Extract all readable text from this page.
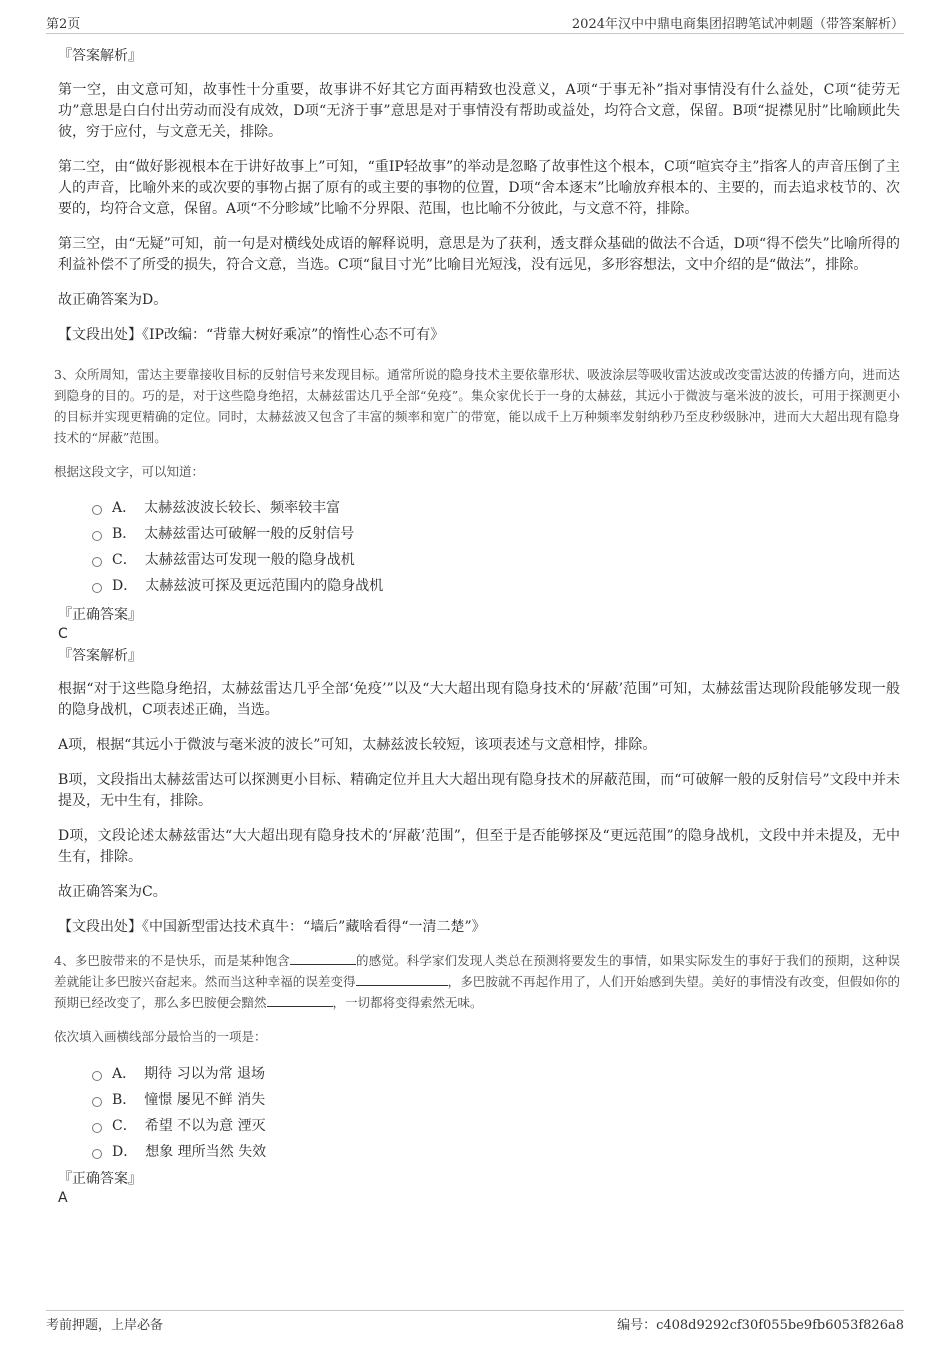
第2页	2024年汉中中鼎电商集团招聘笔试冲刺题（带答案解析）

『答案解析』

第一空，由文意可知，故事性十分重要，故事讲不好其它方面再精致也没意义，A项“于事无补”指对事情没有什么益处，C项“徒劳无功”意思是白白付出劳动而没有成效，D项“无济于事”意思是对于事情没有帮助或益处，均符合文意，保留。B项“捉襟见肘”比喻顾此失彼，穷于应付，与文意无关，排除。

第二空，由“做好影视根本在于讲好故事上”可知，“重IP轻故事”的举动是忽略了故事性这个根本，C项“喧宾夺主”指客人的声音压倒了主人的声音，比喻外来的或次要的事物占据了原有的或主要的事物的位置，D项“舍本逐末”比喻放弃根本的、主要的，而去追求枝节的、次要的，均符合文意，保留。A项“不分畛域”比喻不分界限、范围，也比喻不分彼此，与文意不符，排除。

第三空，由“无疑”可知，前一句是对横线处成语的解释说明，意思是为了获利，透支群众基础的做法不合适，D项“得不偿失”比喻所得的利益补偿不了所受的损失，符合文意，当选。C项“鼠目寸光”比喻目光短浅，没有远见，多形容想法，文中介绍的是“做法”，排除。

故正确答案为D。

【文段出处】《IP改编：“背靠大树好乘凉”的惰性心态不可有》

3、众所周知，雷达主要靠接收目标的反射信号来发现目标。通常所说的隐身技术主要依靠形状、吸波涂层等吸收雷达波或改变雷达波的传播方向，进而达到隐身的目的。巧的是，对于这些隐身绝招，太赫兹雷达几乎全部“免疫”。集众家优长于一身的太赫兹，其远小于微波与毫米波的波长，可用于探测更小的目标并实现更精确的定位。同时，太赫兹波又包含了丰富的频率和宽广的带宽，能以成千上万种频率发射纳秒乃至皮秒级脉冲，进而大大超出现有隐身技术的“屏蔽”范围。

根据这段文字，可以知道：

A． 太赫兹波波长较长、频率较丰富
B． 太赫兹雷达可破解一般的反射信号
C． 太赫兹雷达可发现一般的隐身战机
D． 太赫兹波可探及更远范围内的隐身战机

『正确答案』

C

『答案解析』

根据“对于这些隐身绝招，太赫兹雷达几乎全部‘免疫’”以及“大大超出现有隐身技术的‘屏蔽’范围”可知，太赫兹雷达现阶段能够发现一般的隐身战机，C项表述正确，当选。

A项，根据“其远小于微波与毫米波的波长”可知，太赫兹波长较短，该项表述与文意相悖，排除。

B项，文段指出太赫兹雷达可以探测更小目标、精确定位并且大大超出现有隐身技术的屏蔽范围，而“可破解一般的反射信号”文段中并未提及，无中生有，排除。

D项，文段论述太赫兹雷达“大大超出现有隐身技术的‘屏蔽’范围”，但至于是否能够探及“更远范围”的隐身战机，文段中并未提及，无中生有，排除。

故正确答案为C。

【文段出处】《中国新型雷达技术真牛：“墙后”藏啥看得“一清二楚”》

4、多巴胺带来的不是快乐，而是某种饱含	的感觉。科学家们发现人类总在预测将要发生的事情，如果实际发生的事好于我们的预期，这种误差就能让多巴胺兴奋起来。然而当这种幸福的误差变得	，多巴胺就不再起作用了，人们开始感到失望。美好的事情没有改变，但假如你的预期已经改变了，那么多巴胺便会黯然	，一切都将变得索然无味。

依次填入画横线部分最恰当的一项是：

A． 期待 习以为常 退场
B． 憧憬 屡见不鲜 消失
C． 希望 不以为意 湮灭
D． 想象 理所当然 失效

『正确答案』

A

考前押题，上岸必备	编号：c408d9292cf30f055be9fb6053f826a8
